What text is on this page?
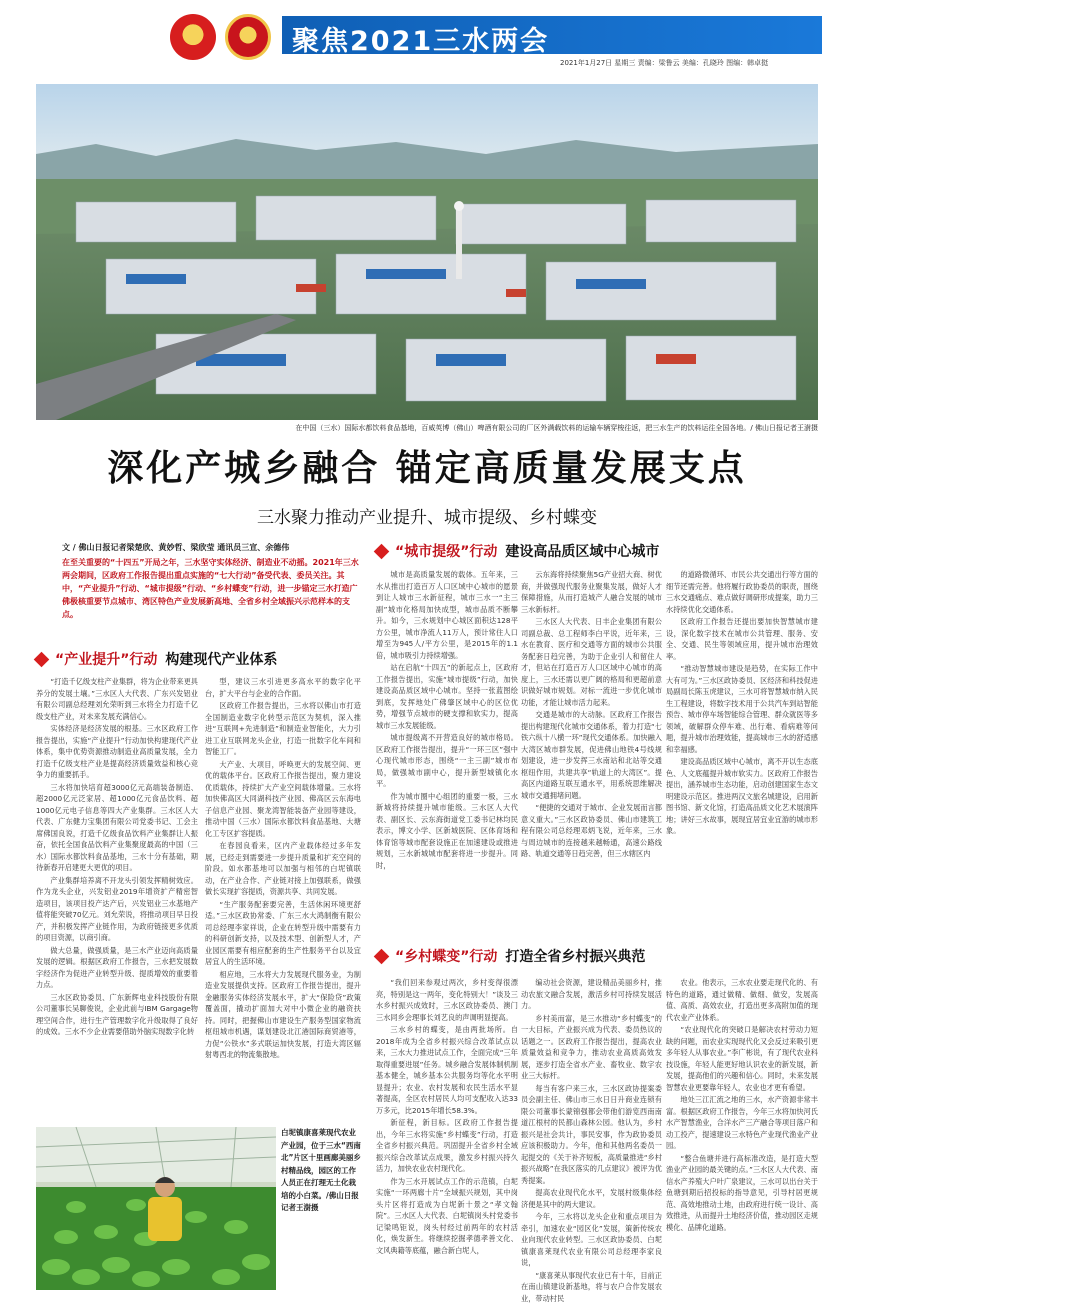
聚焦2021三水两会	佛山日报
A07
2021年1月27日 星期三 责编：梁鲁云 美编：孔晓玲 图编：韩卓挺
在中国（三水）国际水都饮料食品基地，百威英博（佛山）啤酒有限公司的厂区外满载饮料的运输车辆穿梭往返，把三水生产的饮料运往全国各地。/ 佛山日报记者王澍摄
深化产城乡融合 锚定高质量发展支点
三水聚力推动产业提升、城市提级、乡村蝶变
文 / 佛山日报记者梁楚欣、黄妙哲、梁欣莹 通讯员三宣、余德伟
在至关重要的“十四五”开局之年，三水坚守实体经济、制造业不动摇。2021年三水两会期间，区政府工作报告提出重点实施的“七大行动”备受代表、委员关注。其中，“产业提升”行动、“城市提级”行动、“乡村蝶变”行动，进一步锚定三水打造广佛极核重要节点城市、湾区特色产业发展新高地、全省乡村全域振兴示范样本的支点。
“产业提升”行动 构建现代产业体系
“城市提级”行动 建设高品质区域中心城市
“乡村蝶变”行动 打造全省乡村振兴典范

“打造千亿级支柱产业集群，将为企业带来更具养分的发展土壤。”三水区人大代表、广东兴发铝业有限公司副总经理刘允荣听到三水将全力打造千亿级支柱产业，对未来发展充满信心。

实体经济是经济发展的根基。三水区政府工作报告提出，实施“产业提升”行动加快构建现代产业体系，集中优势资源推动制造业高质量发展，全力打造千亿级支柱产业是提高经济质量效益和核心竞争力的重要抓手。

三水将加快培育超3000亿元高端装备制造、超2000亿元泛家居、超1000亿元食品饮料、超1000亿元电子信息等四大产业集群。三水区人大代表、广东健力宝集团有限公司党委书记、工会主席佛国良说，打造千亿级食品饮料产业集群让人振奋，依托全国食品饮料产业集聚度最高的中国（三水）国际水都饮料食品基地，三水十分有基础，期待新春开启建更大更优的项目。

产业集群培养离不开龙头引领发挥精树效应。作为龙头企业，兴发铝业2019年增资扩产精密智造项目，该项目投产达产后，兴发铝业三水基地产值将能突破70亿元。刘允荣说，将推动项目早日投产，并积极发挥产业链作用，为政府链接更多优质的项目资源，以商引商。

做大总量，做强质量，是三水产业迈向高质量发展的逻辑。根据区政府工作报告，三水把发展数字经济作为促进产业转型升级、提质增效的重要着力点。

三水区政协委员、广东新辉电业科技股份有限公司董事长吴聊俊说，企业此前与IBM Gargage物理空间合作，进行生产管理数字化升级取得了良好的成效。三水不少企业需要借助外脑实现数字化转

型，建议三水引进更多高水平的数字化平台，扩大平台与企业的合作面。

区政府工作报告提出，三水将以佛山市打造全国制造业数字化转型示范区为契机，深入推进“互联网+先进制造”和制造业智能化，大力引进工业互联网龙头企业，打造一批数字化车间和智能工厂。

大产业、大项目，呼唤更大的发展空间、更优的载体平台。区政府工作报告提出，聚力建设优质载体，持续扩大产业空间载体增量。三水将加快佛高区大同湖科技产业园、佛高区云东海电子信息产业园、聚龙湾智能装备产业园等建设，推动中国（三水）国际水都饮料食品基地、大塘化工专区扩容提质。

在春园良看来，区内产业载体经过多年发展，已经走到需要进一步提升质量和扩充空间的阶段。如水都基地可以加强与相邻的白坭镇联动，在产业合作、产业链对接上加强联系，做强做长实现扩容提质，资源共享、共同发展。

“生产服务配套要完善，生活休闲环境更舒适。”三水区政协常委、广东三水大鸿制衡有限公司总经理李家祥说，企业在转型升级中需要有力的科研创新支持，以及技术型、创新型人才，产业园区需要有相应配套的生产性服务平台以及宜居宜人的生活环境。

相应地，三水将大力发展现代服务业，为制造业发展提供支持。区政府工作报告提出，提升金融服务实体经济发展水平，扩大“保险贷”政策覆盖面，撬动扩面加大对中小微企业的融资扶持。同时，把握佛山市建设生产服务型国家物流枢纽城市机遇，谋划建设北江港国际商贸港等，力促“公铁水”多式联运加快发展，打造大湾区辐射粤西北的物流集散地。

城市是高质量发展的载体。五年来，三水从推出打造百万人口区域中心城市的愿景到让人城市三水新征程，城市三水一“主三副”城市化格局加快成型，城市品质不断攀升。如今，三水规划中心城区面积达128平方公里，城市净流人11万人，预计常住人口增至为945人/平方公里，是2015年的1.1倍，城市吸引力持续增强。

站在启航“十四五”的新起点上，区政府工作报告提出，实施“城市提级”行动，加快建设高品质区域中心城市。坚持一张蓝图绘到底，发挥地处广佛肇区域中心的区位优势，增强节点城市的硬支撑和软实力，提高城市三水发展能级。

城市提级离不开营造良好的城市格局。区政府工作报告提出，提升“一环三区”强中心现代城市形态，围绕“一主三副”城市布局，做强城市副中心，提升新型城镇化水平。

作为城市圈中心组团的重要一极，三水新城将持续提升城市能级。三水区人大代表、副区长、云东海街道党工委书记林均民表示，博文小学、区新城医院、区体育场和体育馆等城市配套设施正在加速建设或推进规划，三水新城城市配套将进一步提升。同时，

云东海将持续聚焦5G产业招大商、树优商，并做强现代服务业聚集发展，做好人才保障措施，从而打造城产人融合发展的城市三水新标杆。

三水区人大代表、日丰企业集团有限公司副总裁、总工程师李白平说，近年来，三水在教育、医疗和交通等方面的城市公共服务配套日趋完善，为助于企业引人和留住人才，但站在打造百万人口区域中心城市的高度上，三水还需以更广阔的格局和更超前意识做好城市规划。对标一流进一步优化城市功能，才能让城市活力起来。

交通是城市的大动脉。区政府工作报告提出构建现代化城市交通体系，着力打造“七铁六纵十八横一环”现代交通体系。加快融入大湾区城市群发展，促进佛山地铁4号线规划建设，进一步发挥三水南站和北站等交通枢纽作用，共建共享“轨道上的大湾区”。提高区内道路互联互通水平，用系统思维解决城市交通拥堵问题。

“便捷的交通对于城市、企业发展而言都意义重大。”三水区政协委员、佛山市建筑工程有限公司总经理邓炳飞说，近年来，三水与周边城市的连接越来越畅通，高速公路线路、轨道交通等日趋完善，但三水辖区内

的道路微循环、市民公共交通出行等方面的细节还需完善。他将履行政协委员的职责，围绕三水交通痛点、难点做好调研形成提案，助力三水持续优化交通体系。

区政府工作报告还提出要加快智慧城市建设，深化数字技术在城市公共管理、服务、安全、交通、民生等领域应用，提升城市治理效率。

“推动智慧城市建设是趋势，在实际工作中大有可为。”三水区政协委员、区经济和科技促进局副局长陈玉虎建议，三水可将智慧城市纳入民生工程建设，将数字技术用于公共汽车到站智能预告、城市停车场智能综合管理、群众就医等多领域，破解群众停车难、出行难、看病难等问题，提升城市治理效能，提高城市三水的舒适感和幸福感。

建设高品质区域中心城市，离不开以生态底色、人文底蕴提升城市软实力。区政府工作报告提出，涵养城市生态功能，启动创建国家生态文明建设示范区。推进两汉文旅名城建设，启用新图书馆、新文化馆，打造高品质文化艺术展演阵地；讲好三水故事，展现宜居宜业宜游的城市形象。

“我们回来参观过两次，乡村变得很漂亮，特别是这一两年，变化特别大！”谈及三水乡村振兴成效时，三水区政协委员、澳门三水同乡会理事长刘艺良的声调明显提高。

三水乡村的蝶变，是由两批场所。自2018年成为全省乡村振兴综合改革试点以来，三水大力推进试点工作，全面完成“三年取得重要进展”任务。城乡融合发展体制机制基本健全，城乡基本公共服务均等化水平明显提升；农业、农村发展和农民生活水平显著提高，全区农村居民人均可支配收入达33万多元，比2015年增长58.3%。

新征程，新目标。区政府工作报告提出，今年三水将实施“乡村蝶变”行动，打造全省乡村振兴典范。巩固提升全省乡村全域振兴综合改革试点成果，激发乡村振兴持久活力，加快农业农村现代化。

作为三水开展试点工作的示范镇，白坭实施“一环两廊十片”全域振兴规划，其中岗头片区将打造成为白坭新十景之“孝文翰院”。三水区人大代表、白坭镇岗头村党委书记梁鸣钜说，岗头村经过前两年的农村活化，焕发新生。将继续挖掘孝德孝善文化、文风典籍等底蕴，融合新白坭人，

编动社会资源，建设精品美丽乡村，推动农旅文融合发展，激活乡村可持续发展活力。

乡村美而富，是三水推动“乡村蝶变”的一大目标，产业振兴成为代表、委员热议的话题之一。区政府工作报告提出，提高农业质量效益和竞争力，推动农业高质高效发展，逐步打造全省水产业、畜牧业、数字农业三大标杆。

每当有客户来三水，三水区政协提案委员会副主任、佛山市三水日日升商业连锁有限公司董事长蒙锦强都会带他们游览西南南道江根村的民都山森林公园。他认为，乡村振兴是社会共计，事民安事，作为政协委员应该积极助力。今年，他和其他两名委员一起提交的《关于补齐短板，高质量推进“乡村振兴战略”在我区落实的几点建议》被评为优秀提案。

提高农业现代化水平，发展村级集体经济便是其中的两大建议。

今年，三水将以龙头企业和重点项目为牵引，加速农业“园区化”发展，策新传统农业向现代农业转型。三水区政协委员、白坭镇康喜莱现代农业有限公司总经理李家良说，

“康喜莱从事现代农业已有十年，目前正在南山镇建设新基地，将与农户合作发展农业，带动村民

农业。他表示，三水农业要走现代化的、有特色的道路，通过做精、做细、做安，发展高值、高质、高效农业，打造出更多高附加值的现代农业产业体系。

“农业现代化的突破口是解决农村劳动力短缺的问题，而农业实现现代化又会反过来吸引更多年轻人从事农业。”李广彬说，有了现代农业科技设施，年轻人能更好地认识农业的新发展，新发展，提高他们的兴趣和信心。同时，未来发展智慧农业更要靠年轻人，农业也才更有希望。

地处三江汇流之地的三水，水产资源非常丰富。根据区政府工作报告，今年三水将加快河氏水产智慧渔业，合洋水产三产融合等项目落户和动工投产，提速建设三水特色产业现代渔业产业园。

“整合鱼塘并进行高标准改造，是打造大型渔业产业园的最关键的点。”三水区人大代表、南信水产养殖大户叶广泉建议，三水可以出台关于鱼塘到期后招投标的指导意见，引导村居更规范、高效地推动土地，由政府进行统一设计、高效推进，从而提升土地经济价值，推动园区走规模化、品牌化道路。

白坭镇康喜莱现代农业产业园，位于三水“西南北”片区十里画廊美丽乡村精品线，园区的工作人员正在打理无土化栽培的小白菜。/佛山日报记者王澍摄
